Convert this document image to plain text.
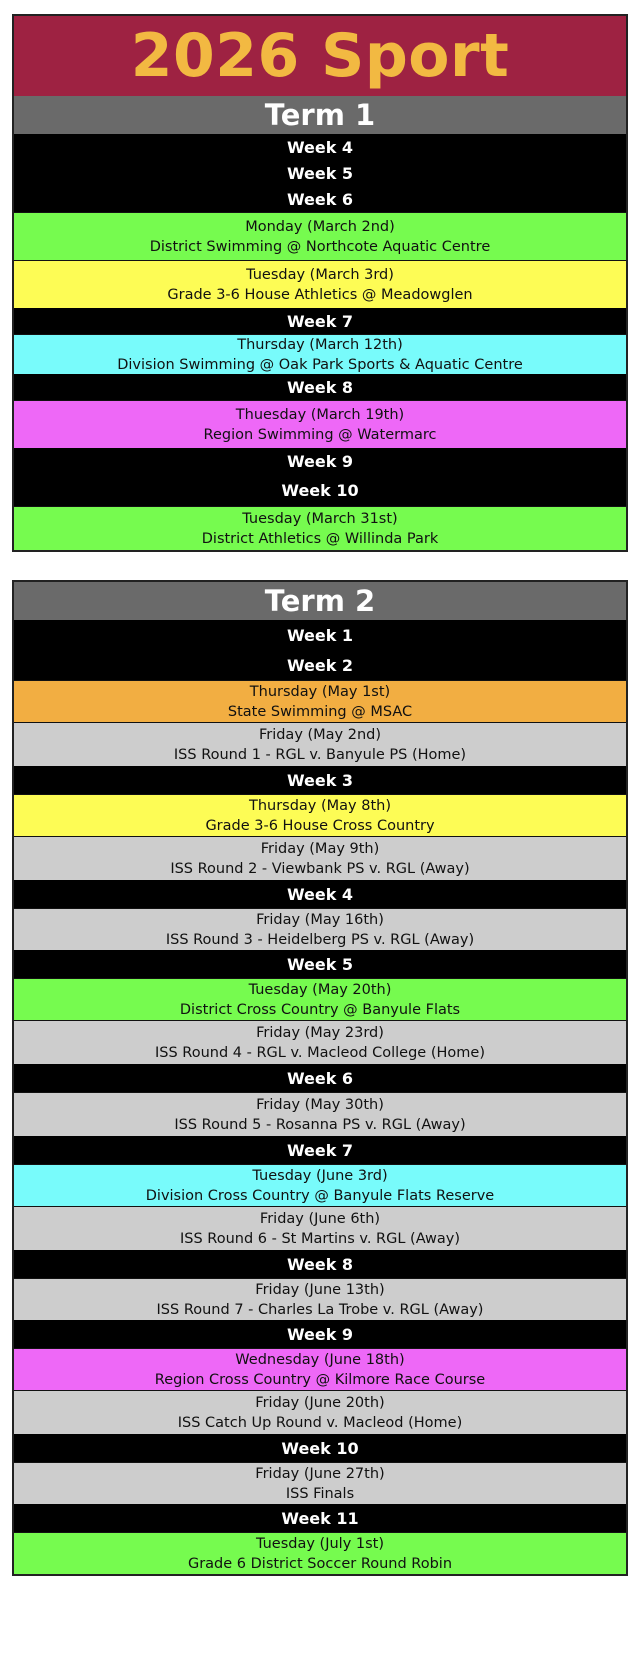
2026 Sport
Term 1
Week 4
Week 5
Week 6
Monday (March 2nd)
District Swimming @ Northcote Aquatic Centre
Tuesday (March 3rd)
Grade 3-6 House Athletics @ Meadowglen
Week 7
Thursday (March 12th)
Division Swimming @ Oak Park Sports & Aquatic Centre
Week 8
Thuesday (March 19th)
Region Swimming @ Watermarc
Week 9
Week 10
Tuesday (March 31st)
District Athletics @ Willinda Park
Term 2
Week 1
Week 2
Thursday (May 1st)
State Swimming @ MSAC
Friday (May 2nd)
ISS Round 1 - RGL v. Banyule PS (Home)
Week 3
Thursday (May 8th)
Grade 3-6 House Cross Country
Friday (May 9th)
ISS Round 2 - Viewbank PS v. RGL (Away)
Week 4
Friday (May 16th)
ISS Round 3 - Heidelberg PS v. RGL (Away)
Week 5
Tuesday (May 20th)
District Cross Country @ Banyule Flats
Friday (May 23rd)
ISS Round 4 - RGL v. Macleod College (Home)
Week 6
Friday (May 30th)
ISS Round 5 - Rosanna PS v. RGL (Away)
Week 7
Tuesday (June 3rd)
Division Cross Country @ Banyule Flats Reserve
Friday (June 6th)
ISS Round 6 - St Martins v. RGL (Away)
Week 8
Friday (June 13th)
ISS Round 7 - Charles La Trobe v. RGL (Away)
Week 9
Wednesday (June 18th)
Region Cross Country @ Kilmore Race Course
Friday (June 20th)
ISS Catch Up Round v. Macleod (Home)
Week 10
Friday (June 27th)
ISS Finals
Week 11
Tuesday (July 1st)
Grade 6 District Soccer Round Robin
